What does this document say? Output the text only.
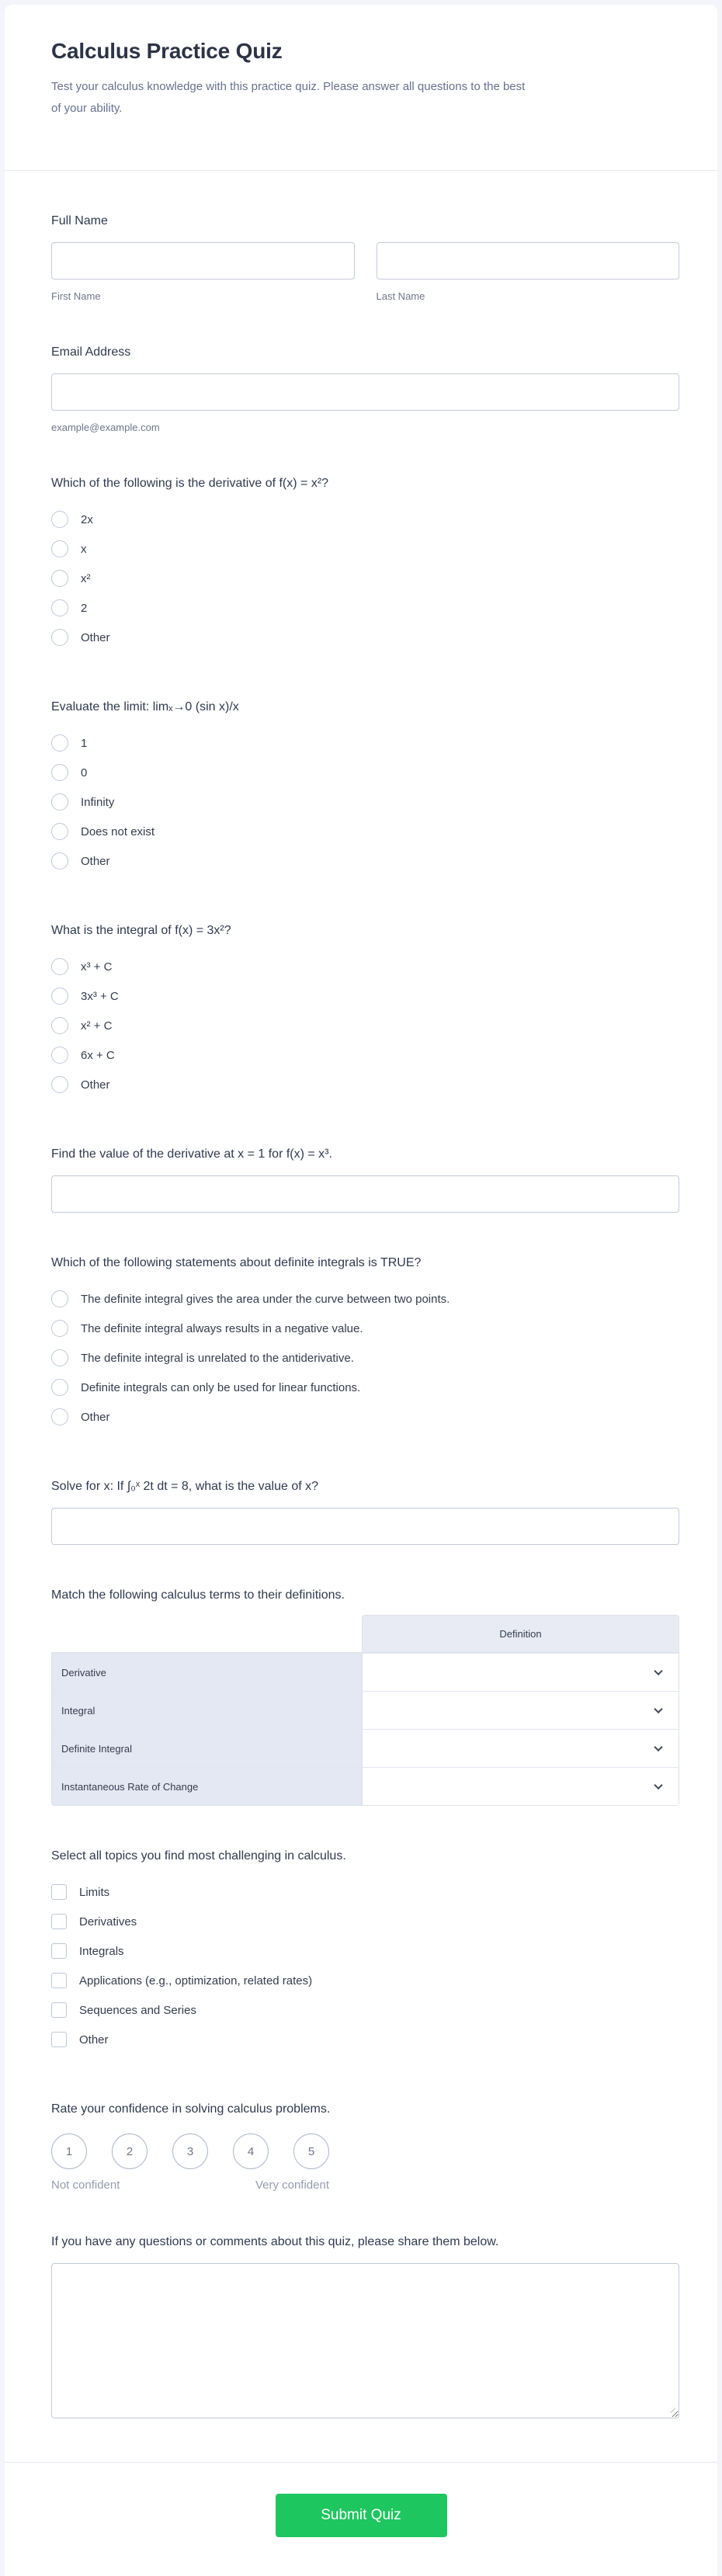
Calculus Practice Quiz

Test your calculus knowledge with this practice quiz. Please answer all questions to the best of your ability.

Full Name
First Name	Last Name
Email Address
example@example.com
Which of the following is the derivative of f(x) = x²?
2x
x
x²
2
Other
Evaluate the limit: limₓ→0 (sin x)/x
1
0
Infinity
Does not exist
Other
What is the integral of f(x) = 3x²?
x³ + C
3x³ + C
x² + C
6x + C
Other
Find the value of the derivative at x = 1 for f(x) = x³.
Which of the following statements about definite integrals is TRUE?
The definite integral gives the area under the curve between two points.
The definite integral always results in a negative value.
The definite integral is unrelated to the antiderivative.
Definite integrals can only be used for linear functions.
Other
Solve for x: If ∫₀ˣ 2t dt = 8, what is the value of x?
Match the following calculus terms to their definitions.
Definition
Derivative
Integral
Definite Integral
Instantaneous Rate of Change
Select all topics you find most challenging in calculus.
Limits
Derivatives
Integrals
Applications (e.g., optimization, related rates)
Sequences and Series
Other
Rate your confidence in solving calculus problems.
1	2	3	4	5
Not confident	Very confident
If you have any questions or comments about this quiz, please share them below.
Submit Quiz
